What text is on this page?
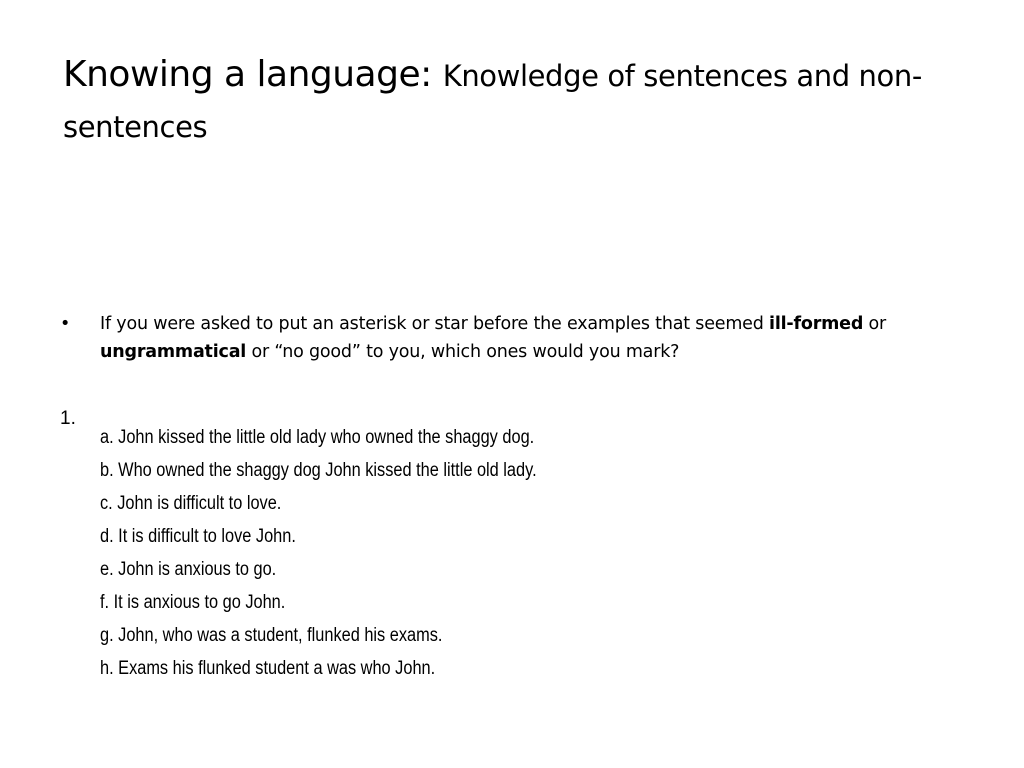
Knowing a language: Knowledge of sentences and non-sentences
•	If you were asked to put an asterisk or star before the examples that seemed ill-formed or ungrammatical or “no good” to you, which ones would you mark?
1.
a. John kissed the little old lady who owned the shaggy dog.
b. Who owned the shaggy dog John kissed the little old lady.
c. John is difficult to love.
d. It is difficult to love John.
e. John is anxious to go.
f. It is anxious to go John.
g. John, who was a student, flunked his exams.
h. Exams his flunked student a was who John.
